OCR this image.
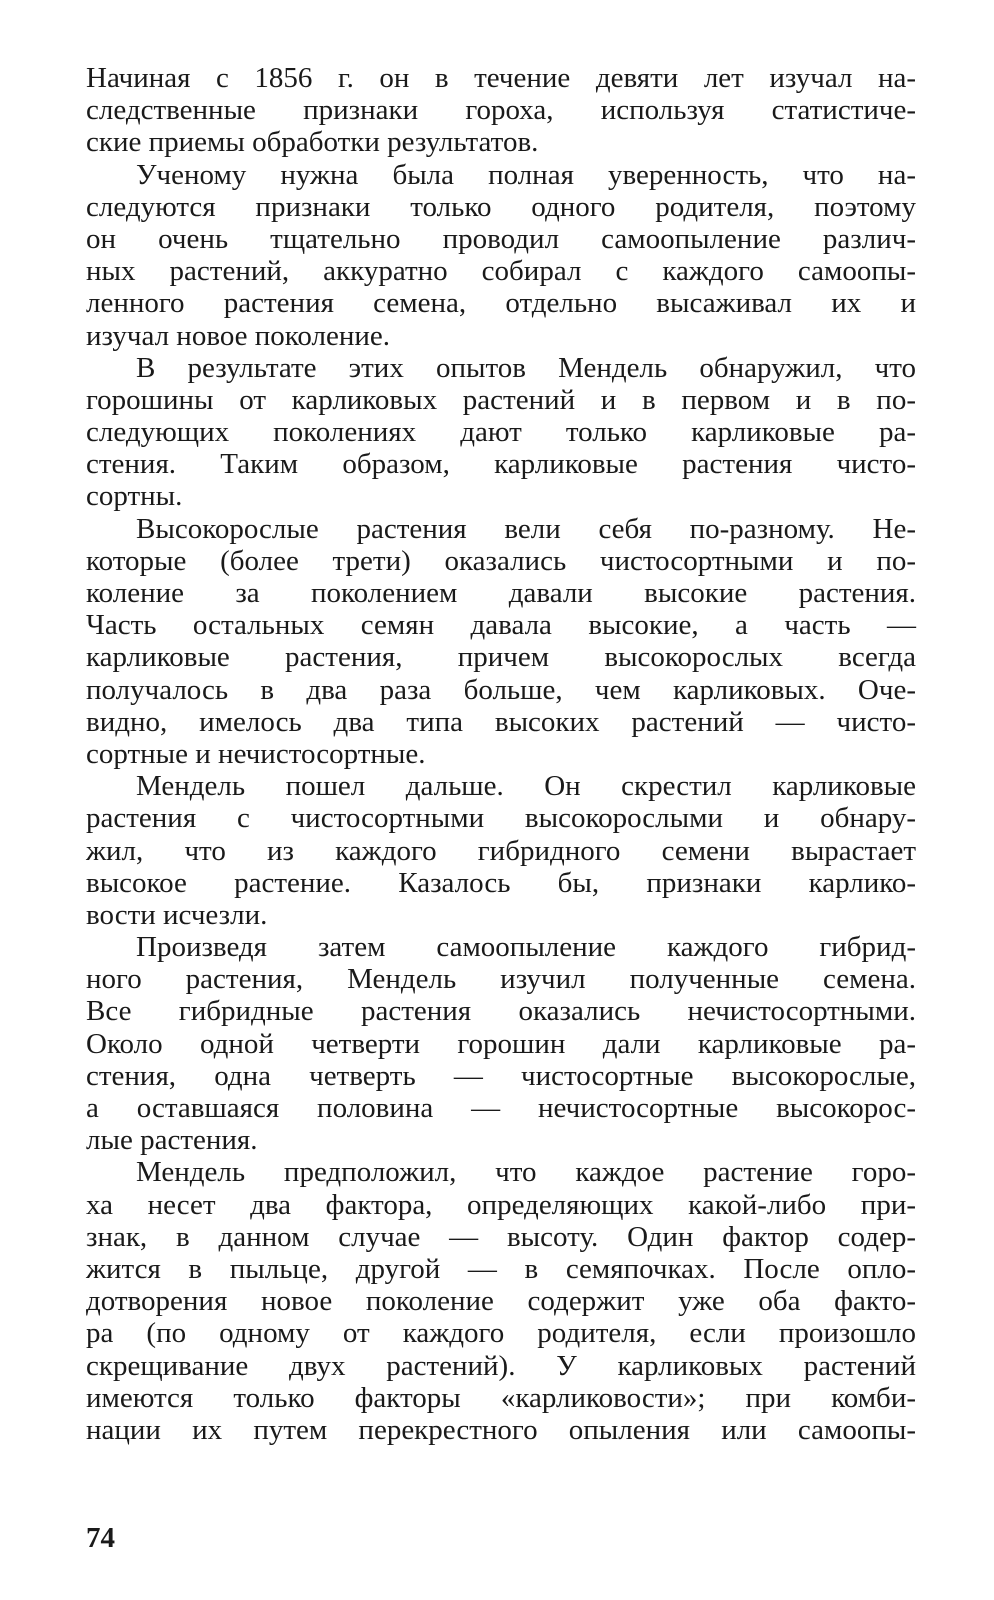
Начиная с 1856 г. он в течение девяти лет изучал на-
следственные признаки гороха, используя статистиче-
ские приемы обработки результатов.
Ученому нужна была полная уверенность, что на-
следуются признаки только одного родителя, поэтому
он очень тщательно проводил самоопыление различ-
ных растений, аккуратно собирал с каждого самоопы-
ленного растения семена, отдельно высаживал их и
изучал новое поколение.
В результате этих опытов Мендель обнаружил, что
горошины от карликовых растений и в первом и в по-
следующих поколениях дают только карликовые ра-
стения. Таким образом, карликовые растения чисто-
сортны.
Высокорослые растения вели себя по-разному. Не-
которые (более трети) оказались чистосортными и по-
коление за поколением давали высокие растения.
Часть остальных семян давала высокие, а часть —
карликовые растения, причем высокорослых всегда
получалось в два раза больше, чем карликовых. Оче-
видно, имелось два типа высоких растений — чисто-
сортные и нечистосортные.
Мендель пошел дальше. Он скрестил карликовые
растения с чистосортными высокорослыми и обнару-
жил, что из каждого гибридного семени вырастает
высокое растение. Казалось бы, признаки карлико-
вости исчезли.
Произведя затем самоопыление каждого гибрид-
ного растения, Мендель изучил полученные семена.
Все гибридные растения оказались нечистосортными.
Около одной четверти горошин дали карликовые ра-
стения, одна четверть — чистосортные высокорослые,
а оставшаяся половина — нечистосортные высокорос-
лые растения.
Мендель предположил, что каждое растение горо-
ха несет два фактора, определяющих какой-либо при-
знак, в данном случае — высоту. Один фактор содер-
жится в пыльце, другой — в семяпочках. После опло-
дотворения новое поколение содержит уже оба факто-
ра (по одному от каждого родителя, если произошло
скрещивание двух растений). У карликовых растений
имеются только факторы «карликовости»; при комби-
нации их путем перекрестного опыления или самоопы-
74
